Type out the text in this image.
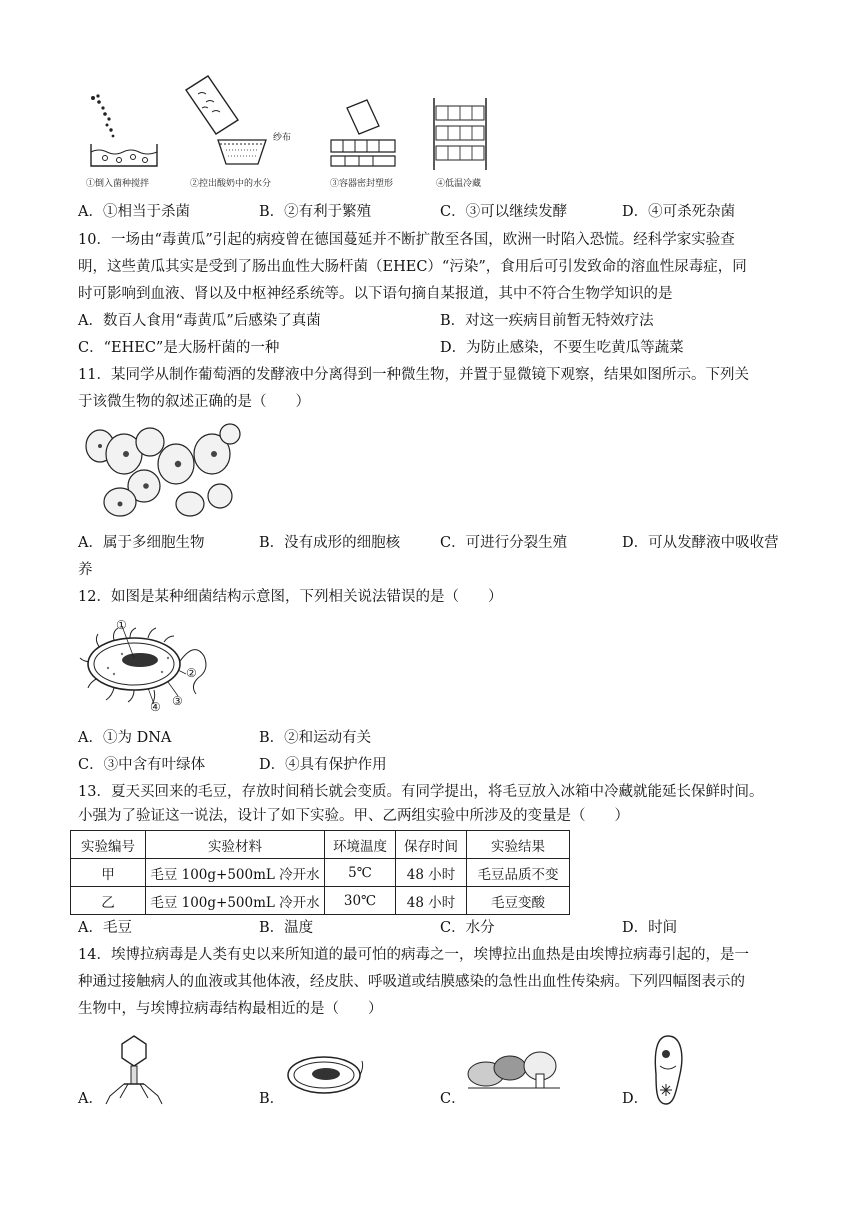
①倒入菌种搅拌
纱布
②控出酸奶中的水分	③容器密封塑形	④低温冷藏
A．①相当于杀菌	B．②有利于繁殖	C．③可以继续发酵	D．④可杀死杂菌
10．一场由“毒黄瓜”引起的病疫曾在德国蔓延并不断扩散至各国，欧洲一时陷入恐慌。经科学家实验查
明，这些黄瓜其实是受到了肠出血性大肠杆菌（EHEC）“污染”，食用后可引发致命的溶血性尿毒症，同
时可影响到血液、肾以及中枢神经系统等。以下语句摘自某报道，其中不符合生物学知识的是
A．数百人食用“毒黄瓜”后感染了真菌	B．对这一疾病目前暂无特效疗法
C．“EHEC”是大肠杆菌的一种	D．为防止感染，不要生吃黄瓜等蔬菜
11．某同学从制作葡萄酒的发酵液中分离得到一种微生物，并置于显微镜下观察，结果如图所示。下列关
于该微生物的叙述正确的是（　　）
A．属于多细胞生物	B．没有成形的细胞核	C．可进行分裂生殖	D．可从发酵液中吸收营
养
12．如图是某种细菌结构示意图，下列相关说法错误的是（　　）
①
②
③
④
A．①为 DNA	B．②和运动有关
C．③中含有叶绿体	D．④具有保护作用
13．夏天买回来的毛豆，存放时间稍长就会变质。有同学提出，将毛豆放入冰箱中冷藏就能延长保鲜时间。
小强为了验证这一说法，设计了如下实验。甲、乙两组实验中所涉及的变量是（　　）
实验编号	实验材料	环境温度	保存时间	实验结果
甲	毛豆 100g+500mL 冷开水	5℃	48 小时	毛豆品质不变
乙	毛豆 100g+500mL 冷开水	30℃	48 小时	毛豆变酸
A．毛豆	B．温度	C．水分	D．时间
14．埃博拉病毒是人类有史以来所知道的最可怕的病毒之一，埃博拉出血热是由埃博拉病毒引起的，是一
种通过接触病人的血液或其他体液，经皮肤、呼吸道或结膜感染的急性出血性传染病。下列四幅图表示的
生物中，与埃博拉病毒结构最相近的是（　　）
A．	B．	C．	D．
